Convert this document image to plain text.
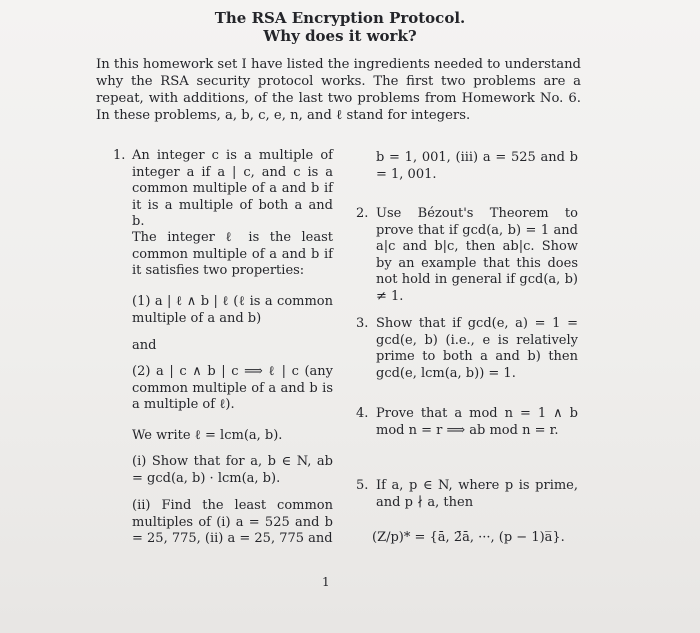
The RSA Encryption Protocol.
Why does it work?
In this homework set I have listed the ingredients needed to understand why the RSA security protocol works. The first two problems are a repeat, with additions, of the last two problems from Homework No. 6. In these problems, a, b, c, e, n, and ℓ stand for integers.
1. An integer c is a multiple of integer a if a | c, and c is a common multiple of a and b if it is a multiple of both a and b.
The integer ℓ is the least common multiple of a and b if it satisfies two properties:
(1) a | ℓ ∧ b | ℓ (ℓ is a common multiple of a and b)
and
(2) a | c ∧ b | c ⟹ ℓ | c (any common multiple of a and b is a multiple of ℓ).
We write ℓ = lcm(a, b).
(i) Show that for a, b ∈ N, ab = gcd(a, b) · lcm(a, b).
(ii) Find the least common multiples of (i) a = 525 and b = 25, 775, (ii) a = 25, 775 and
b = 1, 001, (iii) a = 525 and b = 1, 001.
2. Use Bézout's Theorem to prove that if gcd(a, b) = 1 and a|c and b|c, then ab|c. Show by an example that this does not hold in general if gcd(a, b) ≠ 1.
3. Show that if gcd(e, a) = 1 = gcd(e, b) (i.e., e is relatively prime to both a and b) then gcd(e, lcm(a, b)) = 1.
4. Prove that a mod n = 1 ∧ b mod n = r ⟹ ab mod n = r.
5. If a, p ∈ N, where p is prime, and p ∤ a, then
(Z/p)* = {ā, 2̄ā, ···, (p − 1)a̅}.
1
